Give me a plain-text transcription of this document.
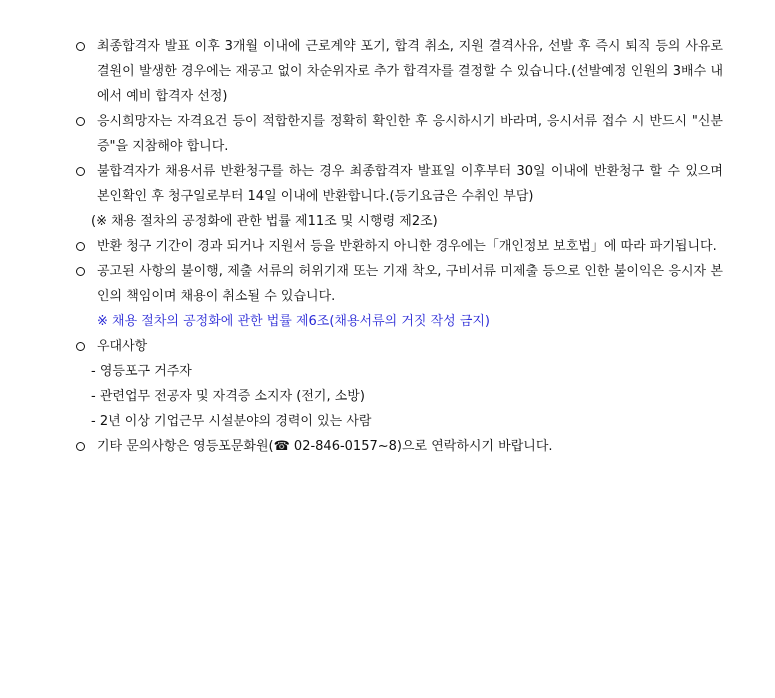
최종합격자 발표 이후 3개월 이내에 근로계약 포기, 합격 취소, 지원 결격사유, 선발 후 즉시 퇴직 등의 사유로 결원이 발생한 경우에는 재공고 없이 차순위자로 추가 합격자를 결정할 수 있습니다.(선발예정 인원의 3배수 내에서 예비 합격자 선정)
응시희망자는 자격요건 등이 적합한지를 정확히 확인한 후 응시하시기 바라며, 응시서류 접수 시 반드시 "신분증"을 지참해야 합니다.
불합격자가 채용서류 반환청구를 하는 경우 최종합격자 발표일 이후부터 30일 이내에 반환청구 할 수 있으며 본인확인 후 청구일로부터 14일 이내에 반환합니다.(등기요금은 수취인 부담)
(※ 채용 절차의 공정화에 관한 법률 제11조 및 시행령 제2조)
반환 청구 기간이 경과 되거나 지원서 등을 반환하지 아니한 경우에는「개인정보 보호법」에 따라 파기됩니다.
공고된 사항의 불이행, 제출 서류의 허위기재 또는 기재 착오, 구비서류 미제출 등으로 인한 불이익은 응시자 본인의 책임이며 채용이 취소될 수 있습니다.
※ 채용 절차의 공정화에 관한 법률 제6조(채용서류의 거짓 작성 금지)
우대사항
- 영등포구 거주자
- 관련업무 전공자 및 자격증 소지자 (전기, 소방)
- 2년 이상 기업근무 시설분야의 경력이 있는 사람
기타 문의사항은 영등포문화원(☎ 02-846-0157~8)으로 연락하시기 바랍니다.
